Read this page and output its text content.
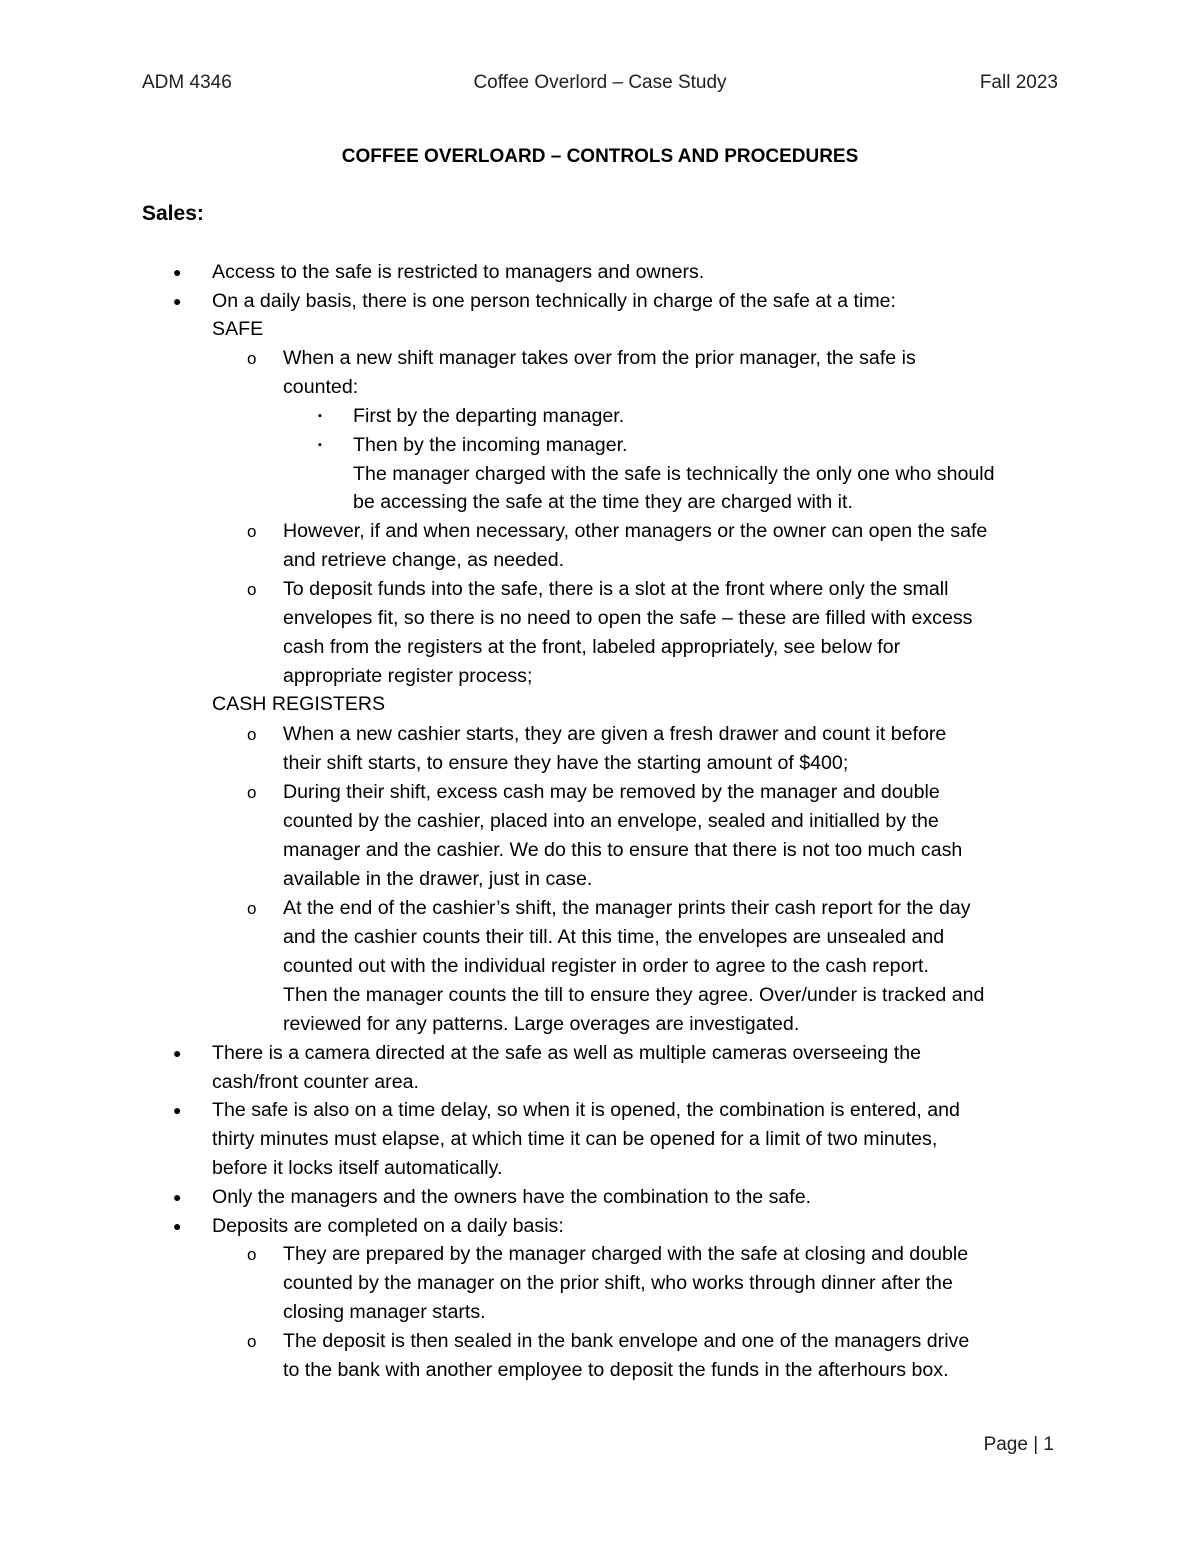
ADM 4346	Coffee Overlord – Case Study	Fall 2023
COFFEE OVERLOARD – CONTROLS AND PROCEDURES
Sales:
Access to the safe is restricted to managers and owners.
●
On a daily basis, there is one person technically in charge of the safe at a time:
●
SAFE
When a new shift manager takes over from the prior manager, the safe is
o
counted:
First by the departing manager.
▪
Then by the incoming manager.
▪
The manager charged with the safe is technically the only one who should
be accessing the safe at the time they are charged with it.
However, if and when necessary, other managers or the owner can open the safe
o
and retrieve change, as needed.
To deposit funds into the safe, there is a slot at the front where only the small
o
envelopes fit, so there is no need to open the safe – these are filled with excess
cash from the registers at the front, labeled appropriately, see below for
appropriate register process;
CASH REGISTERS
When a new cashier starts, they are given a fresh drawer and count it before
o
their shift starts, to ensure they have the starting amount of $400;
During their shift, excess cash may be removed by the manager and double
o
counted by the cashier, placed into an envelope, sealed and initialled by the
manager and the cashier. We do this to ensure that there is not too much cash
available in the drawer, just in case.
At the end of the cashier’s shift, the manager prints their cash report for the day
o
and the cashier counts their till. At this time, the envelopes are unsealed and
counted out with the individual register in order to agree to the cash report.
Then the manager counts the till to ensure they agree. Over/under is tracked and
reviewed for any patterns. Large overages are investigated.
There is a camera directed at the safe as well as multiple cameras overseeing the
●
cash/front counter area.
The safe is also on a time delay, so when it is opened, the combination is entered, and
●
thirty minutes must elapse, at which time it can be opened for a limit of two minutes,
before it locks itself automatically.
Only the managers and the owners have the combination to the safe.
●
Deposits are completed on a daily basis:
●
They are prepared by the manager charged with the safe at closing and double
o
counted by the manager on the prior shift, who works through dinner after the
closing manager starts.
The deposit is then sealed in the bank envelope and one of the managers drive
o
to the bank with another employee to deposit the funds in the afterhours box.
Page | 1
